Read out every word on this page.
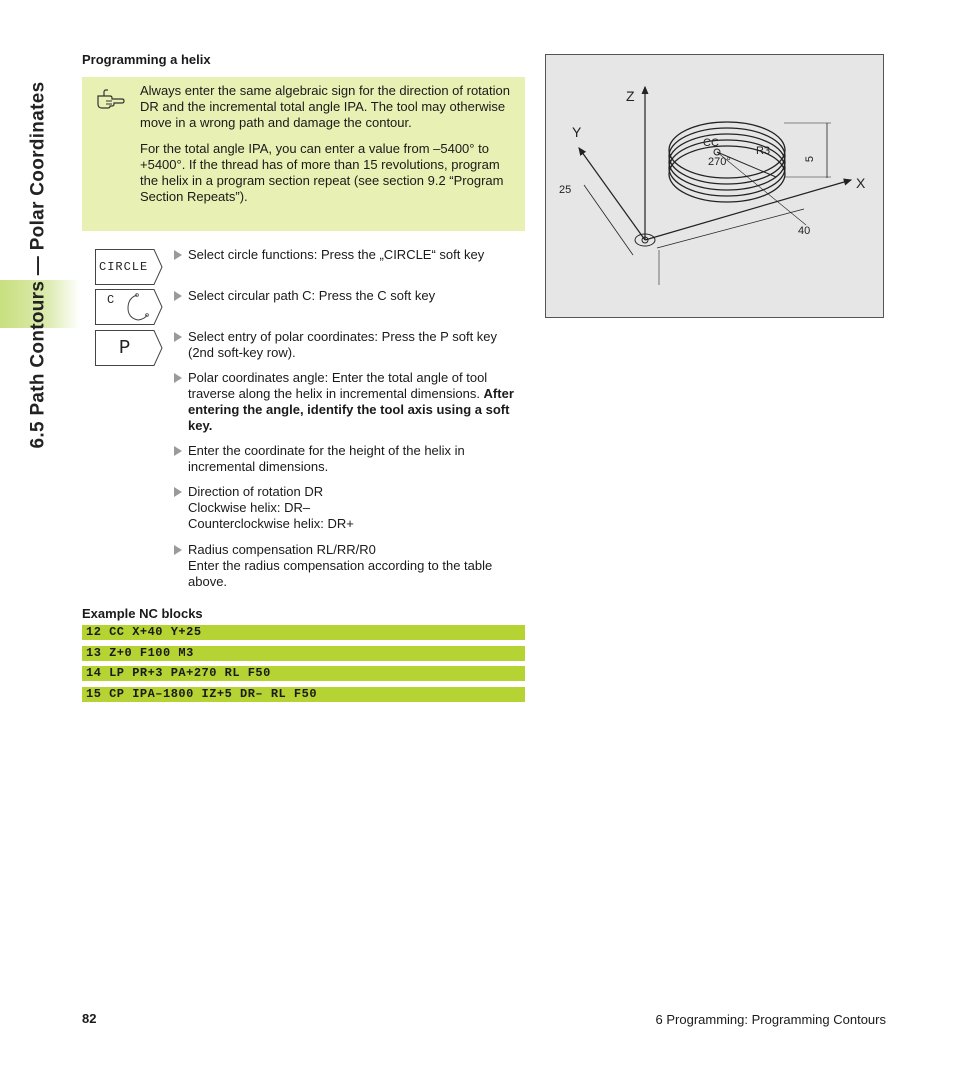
6.5 Path Contours — Polar Coordinates
Programming a helix

Always enter the same algebraic sign for the direction of rotation DR and the incremental total angle IPA. The tool may otherwise move in a wrong path and damage the contour.

For the total angle IPA, you can enter a value from –5400° to +5400°. If the thread has of more than 15 revolutions, program the helix in a program section repeat (see section 9.2 “Program Section Repeats”).

CIRCLE
C
P
Select circle functions: Press the „CIRCLE“ soft key
Select circular path C: Press the C soft key
Select entry of polar coordinates: Press the P soft key (2nd soft-key row).
Polar coordinates angle: Enter the total angle of tool traverse along the helix in incremental dimensions. After entering the angle, identify the tool axis using a soft key.
Enter the coordinate for the height of the helix in incremental dimensions.
Direction of rotation DR
Clockwise helix: DR–
Counterclockwise helix: DR+
Radius compensation RL/RR/R0
Enter the radius compensation according to the table above.
Example NC blocks
12 CC X+40 Y+25
13 Z+0 F100 M3
14 LP PR+3 PA+270 RL F50
15 CP IPA–1800 IZ+5 DR– RL F50
Z
Y
X
CC
R3
270°	5
25
40
82	6 Programming: Programming Contours
